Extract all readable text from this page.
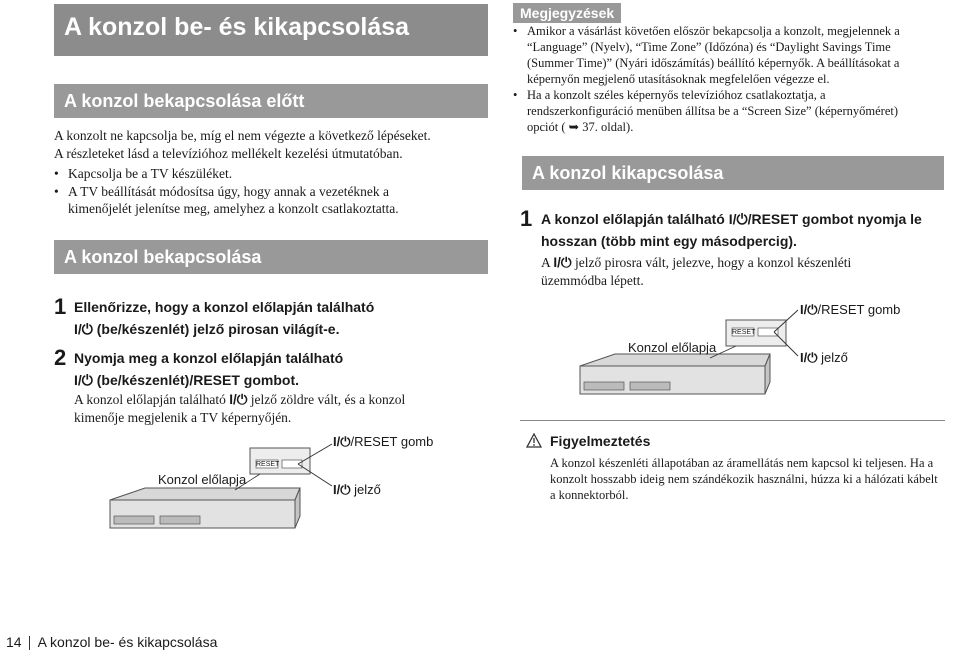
A konzol be- és kikapcsolása
A konzol bekapcsolása előtt
A konzolt ne kapcsolja be, míg el nem végezte a következő lépéseket.
A részleteket lásd a televízióhoz mellékelt kezelési útmutatóban.
• Kapcsolja be a TV készüléket.
• A TV beállítását módosítsa úgy, hogy annak a vezetéknek a
kimenőjelét jelenítse meg, amelyhez a konzolt csatlakoztatta.
A konzol bekapcsolása
1 Ellenőrizze, hogy a konzol előlapján található
I/⏻ (be/készenlét) jelző pirosan világít-e.
2 Nyomja meg a konzol előlapján található
I/⏻ (be/készenlét)/RESET gombot.
A konzol előlapján található I/⏻ jelző zöldre vált, és a konzol
kimenője megjelenik a TV képernyőjén.
RESET
Konzol előlapja
I/⏻/RESET gomb
I/⏻ jelző
Megjegyzések
• Amikor a vásárlást követően először bekapcsolja a konzolt, megjelennek a
“Language” (Nyelv), “Time Zone” (Időzóna) és “Daylight Savings Time
(Summer Time)” (Nyári időszámítás) beállító képernyők. A beállításokat a
képernyőn megjelenő utasításoknak megfelelően végezze el.
• Ha a konzolt széles képernyős televízióhoz csatlakoztatja, a
rendszerkonfiguráció menüben állítsa be a “Screen Size” (képernyőméret)
opciót ( ➥ 37. oldal).
A konzol kikapcsolása
1 A konzol előlapján található I/⏻/RESET gombot nyomja le
hosszan (több mint egy másodpercig).
A I/⏻ jelző pirosra vált, jelezve, hogy a konzol készenléti
üzemmódba lépett.
RESET
Konzol előlapja
I/⏻/RESET gomb
I/⏻ jelző
Figyelmeztetés
A konzol készenléti állapotában az áramellátás nem kapcsol ki teljesen. Ha a
konzolt hosszabb ideig nem szándékozik használni, húzza ki a hálózati kábelt
a konnektorból.
14 A konzol be- és kikapcsolása
